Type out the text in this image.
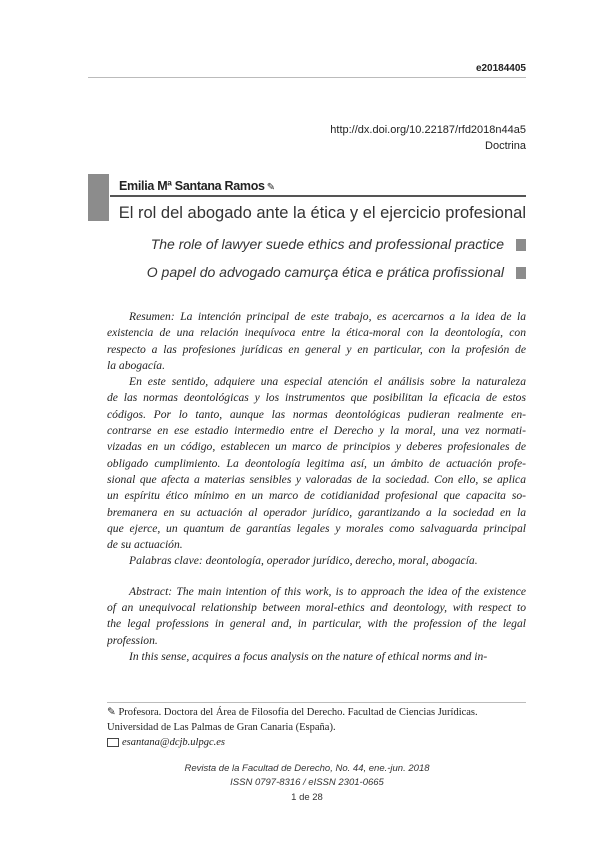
e20184405
http://dx.doi.org/10.22187/rfd2018n44a5
Doctrina
Emilia Mª Santana Ramos ✎
El rol del abogado ante la ética y el ejercicio profesional
The role of lawyer suede ethics and professional practice
O papel do advogado camurça ética e prática profissional
Resumen: La intención principal de este trabajo, es acercarnos a la idea de la
existencia de una relación inequívoca entre la ética-moral con la deontología, con
respecto a las profesiones jurídicas en general y en particular, con la profesión de
la abogacía.
En este sentido, adquiere una especial atención el análisis sobre la naturaleza
de las normas deontológicas y los instrumentos que posibilitan la eficacia de estos
códigos. Por lo tanto, aunque las normas deontológicas pudieran realmente en-
contrarse en ese estadio intermedio entre el Derecho y la moral, una vez normati-
vizadas en un código, establecen un marco de principios y deberes profesionales de
obligado cumplimiento. La deontología legitima así, un ámbito de actuación profe-
sional que afecta a materias sensibles y valoradas de la sociedad. Con ello, se aplica
un espíritu ético mínimo en un marco de cotidianidad profesional que capacita so-
bremanera en su actuación al operador jurídico, garantizando a la sociedad en la
que ejerce, un quantum de garantías legales y morales como salvaguarda principal
de su actuación.
Palabras clave: deontología, operador jurídico, derecho, moral, abogacía.
Abstract: The main intention of this work, is to approach the idea of the existence
of an unequivocal relationship between moral-ethics and deontology, with respect to
the legal professions in general and, in particular, with the profession of the legal
profession.
In this sense, acquires a focus analysis on the nature of ethical norms and in-
✎ Profesora. Doctora del Área de Filosofía del Derecho. Facultad de Ciencias Jurídicas.
Universidad de Las Palmas de Gran Canaria (España).
esantana@dcjb.ulpgc.es
Revista de la Facultad de Derecho, No. 44, ene.-jun. 2018
ISSN 0797-8316 / eISSN 2301-0665
1 de 28
